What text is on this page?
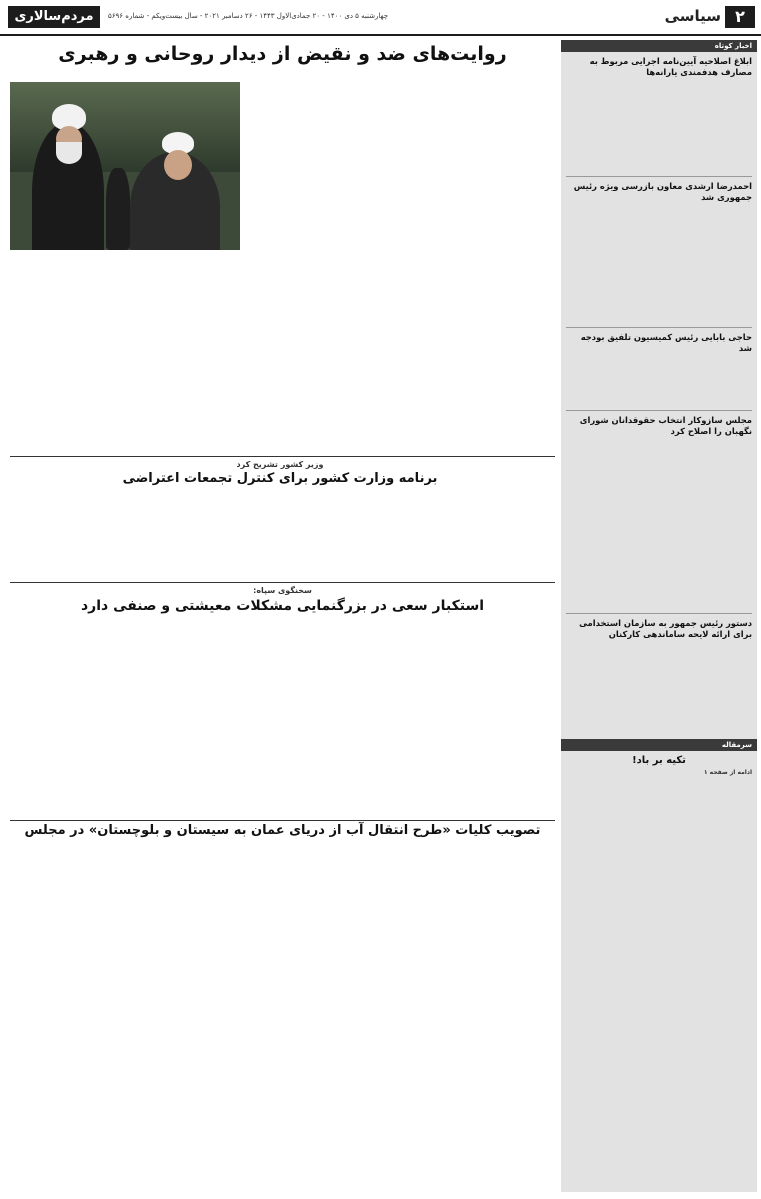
۲
سیاسی
چهارشنبه ۵ دی ۱۴۰۰ - ۲۰ جمادی‌الاول ۱۴۴۳ - ۲۶ دسامبر ۲۰۲۱ - سال بیست‌ویکم - شماره ۵۶۹۶
مردم‌سالاری
اخبار کوتاه
ابلاغ اصلاحیه آیین‌نامه اجرایی مربوط به مصارف هدفمندی یارانه‌ها
احمدرضا ارشدی معاون بازرسی ویژه رئیس جمهوری شد
حاجی بابایی رئیس کمیسیون تلفیق بودجه شد
مجلس سازوکار انتخاب حقوقدانان شورای نگهبان را اصلاح کرد
دستور رئیس جمهور به سازمان استخدامی برای ارائه لایحه ساماندهی کارکنان
سرمقاله
تکیه بر باد!
ادامه از صفحه ۱
روایت‌های ضد و نقیض از دیدار روحانی و رهبری
وزیر کشور تشریح کرد
برنامه وزارت کشور برای کنترل تجمعات اعتراضی
سخنگوی سپاه:
استکبار سعی در بزرگنمایی مشکلات معیشتی و صنفی دارد
تصویب کلیات «طرح انتقال آب از دریای عمان به سیستان و بلوچستان» در مجلس
